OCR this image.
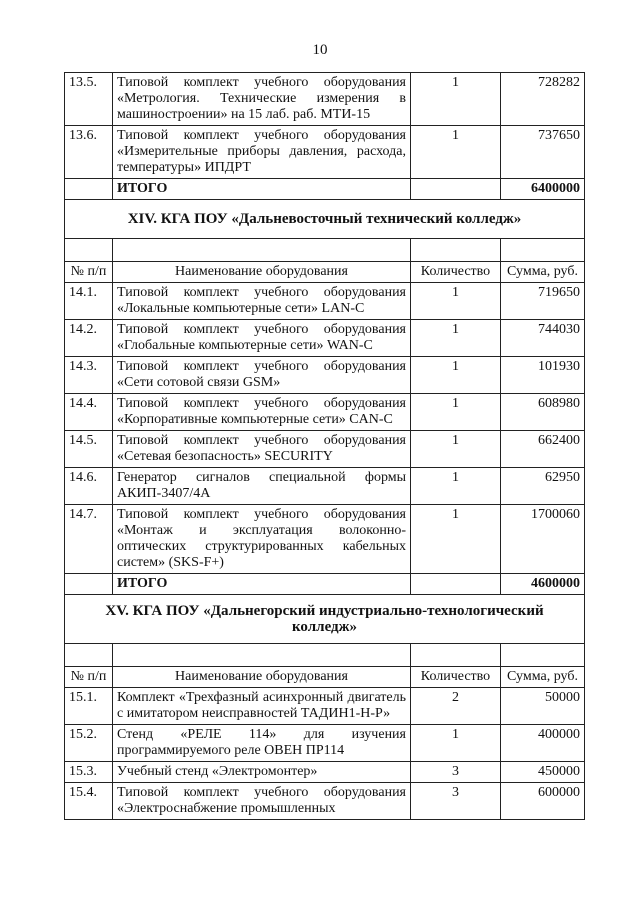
10
13.5.	Типовой комплект учебного оборудования «Метрология. Технические измерения в машиностроении» на 15 лаб. раб. МТИ-15	1	728282
13.6.	Типовой комплект учебного оборудования «Измерительные приборы давления, расхода, температуры» ИПДРТ	1	737650
	ИТОГО		6400000
XIV. КГА ПОУ «Дальневосточный технический колледж»			

№ п/п	Наименование оборудования	Количество	Сумма, руб.
14.1.	Типовой комплект учебного оборудования «Локальные компьютерные сети» LAN-C	1	719650
14.2.	Типовой комплект учебного оборудования «Глобальные компьютерные сети» WAN-C	1	744030
14.3.	Типовой комплект учебного оборудования «Сети сотовой связи GSM»	1	101930
14.4.	Типовой комплект учебного оборудования «Корпоративные компьютерные сети» CAN-C	1	608980
14.5.	Типовой комплект учебного оборудования «Сетевая безопасность» SECURITY	1	662400
14.6.	Генератор сигналов специальной формы АКИП-3407/4А	1	62950
14.7.	Типовой комплект учебного оборудования «Монтаж и эксплуатация волоконно-оптических структурированных кабельных систем» (SKS-F+)	1	1700060
	ИТОГО		4600000
XV. КГА ПОУ «Дальнегорский индустриально-технологический колледж»			

№ п/п	Наименование оборудования	Количество	Сумма, руб.
15.1.	Комплект «Трехфазный асинхронный двигатель с имитатором неисправностей ТАДИН1-Н-Р»	2	50000
15.2.	Стенд «РЕЛЕ 114» для изучения программируемого реле ОВЕН ПР114	1	400000
15.3.	Учебный стенд «Электромонтер»	3	450000
15.4.	Типовой комплект учебного оборудования «Электроснабжение промышленных	3	600000
